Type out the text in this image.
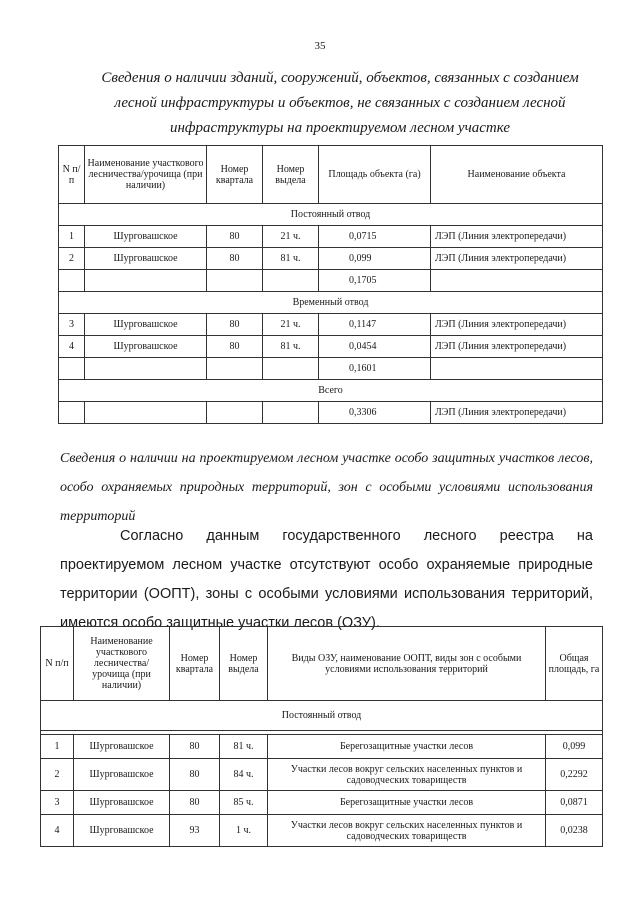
35
Сведения о наличии зданий, сооружений, объектов, связанных с созданием лесной инфраструктуры и объектов, не связанных с созданием лесной инфраструктуры на проектируемом лесном участке
N п/п	Наименование участкового лесничества/урочища (при наличии)	Номер квартала	Номер выдела	Площадь объекта (га)	Наименование объекта
Постоянный отвод					
1	Шурговашское	80	21 ч.	0,0715	ЛЭП (Линия электропередачи)
2	Шурговашское	80	81 ч.	0,099	ЛЭП (Линия электропередачи)
				0,1705	
Временный отвод					
3	Шурговашское	80	21 ч.	0,1147	ЛЭП (Линия электропередачи)
4	Шурговашское	80	81 ч.	0,0454	ЛЭП (Линия электропередачи)
				0,1601	
Всего					
				0,3306	ЛЭП (Линия электропередачи)
Сведения о наличии на проектируемом лесном участке особо защитных участков лесов, особо охраняемых природных территорий, зон с особыми условиями использования территорий
Согласно данным государственного лесного реестра на проектируемом лесном участке отсутствуют особо охраняемые природные территории (ООПТ), зоны с особыми условиями использования территорий, имеются особо защитные участки лесов (ОЗУ).
N п/п	Наименование участкового лесничества/урочища (при наличии)	Номер квартала	Номер выдела	Виды ОЗУ, наименование ООПТ, виды зон с особыми условиями использования территорий	Общая площадь, га
Постоянный отвод					

1	Шурговашское	80	81 ч.	Берегозащитные участки лесов	0,099
2	Шурговашское	80	84 ч.	Участки лесов вокруг сельских населенных пунктов и садоводческих товариществ	0,2292
3	Шурговашское	80	85 ч.	Берегозащитные участки лесов	0,0871
4	Шурговашское	93	1 ч.	Участки лесов вокруг сельских населенных пунктов и садоводческих товариществ	0,0238
